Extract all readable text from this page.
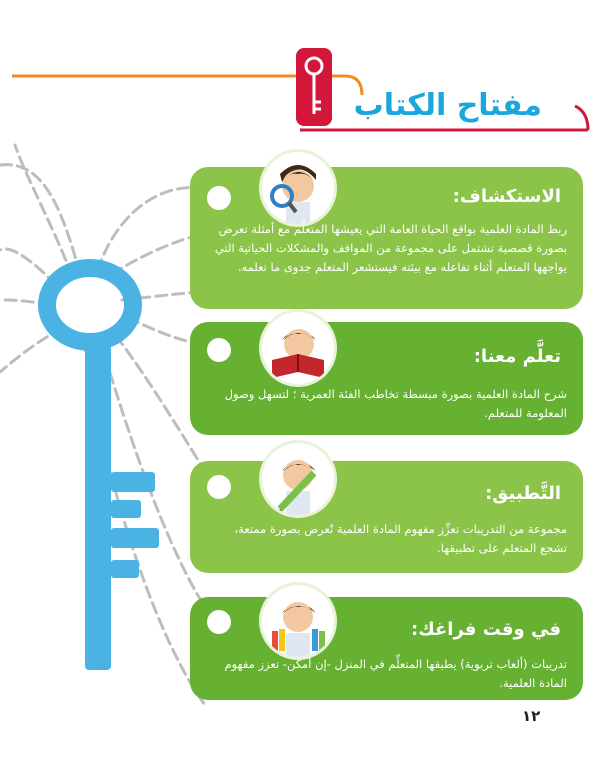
مفتاح الكتاب
الاستكشاف:
ربط المادة العلمية بواقع الحياة العامة التي يعيشها المتعلِّم مع أمثلة تعرض بصورة قصصية تشتمل على مجموعة من المواقف والمشكلات الحياتية التي يواجهها المتعلم أثناء تفاعله مع بيئته فيستشعر المتعلم جدوى ما تعلمه.
تعلَّم معنا:
شرح المادة العلمية بصورة مبسطة تخاطب الفئة العمرية ؛ لتسهل وصول المعلومة للمتعلم.
التَّطبيق:
مجموعة من التدريبات تعزِّز مفهوم المادة العلمية تُعرض بصورة ممتعة، تشجع المتعلم على تطبيقها.
في وقت فراغك:
تدريبات (ألعاب تربوية) يطبقها المتعلِّم في المنزل -إن أمكن- تعزز مفهوم المادة العلمية.
١٢
